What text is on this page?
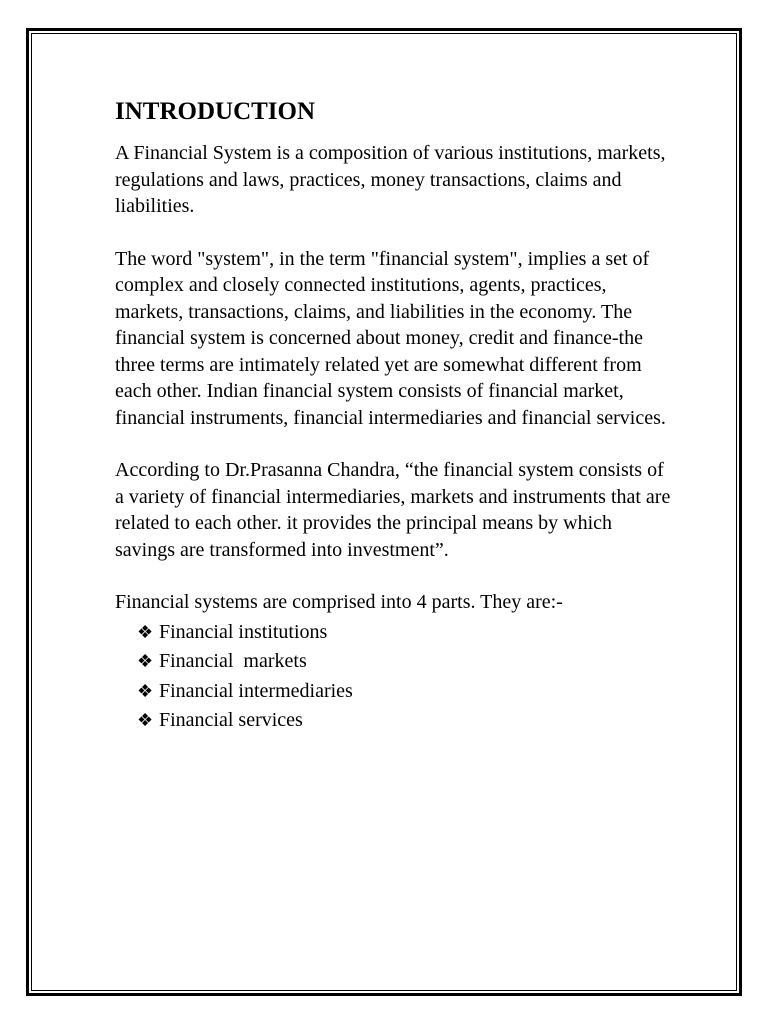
INTRODUCTION

A Financial System is a composition of various institutions, markets, regulations and laws, practices, money transactions, claims and liabilities.

The word "system", in the term "financial system", implies a set of complex and closely connected institutions, agents, practices, markets, transactions, claims, and liabilities in the economy. The financial system is concerned about money, credit and finance-the three terms are intimately related yet are somewhat different from each other. Indian financial system consists of financial market, financial instruments, financial intermediaries and financial services.

According to Dr.Prasanna Chandra, “the financial system consists of a variety of financial intermediaries, markets and instruments that are related to each other. it provides the principal means by which savings are transformed into investment”.

Financial systems are comprised into 4 parts. They are:-

❖ Financial institutions
❖ Financial  markets
❖ Financial intermediaries
❖ Financial services
